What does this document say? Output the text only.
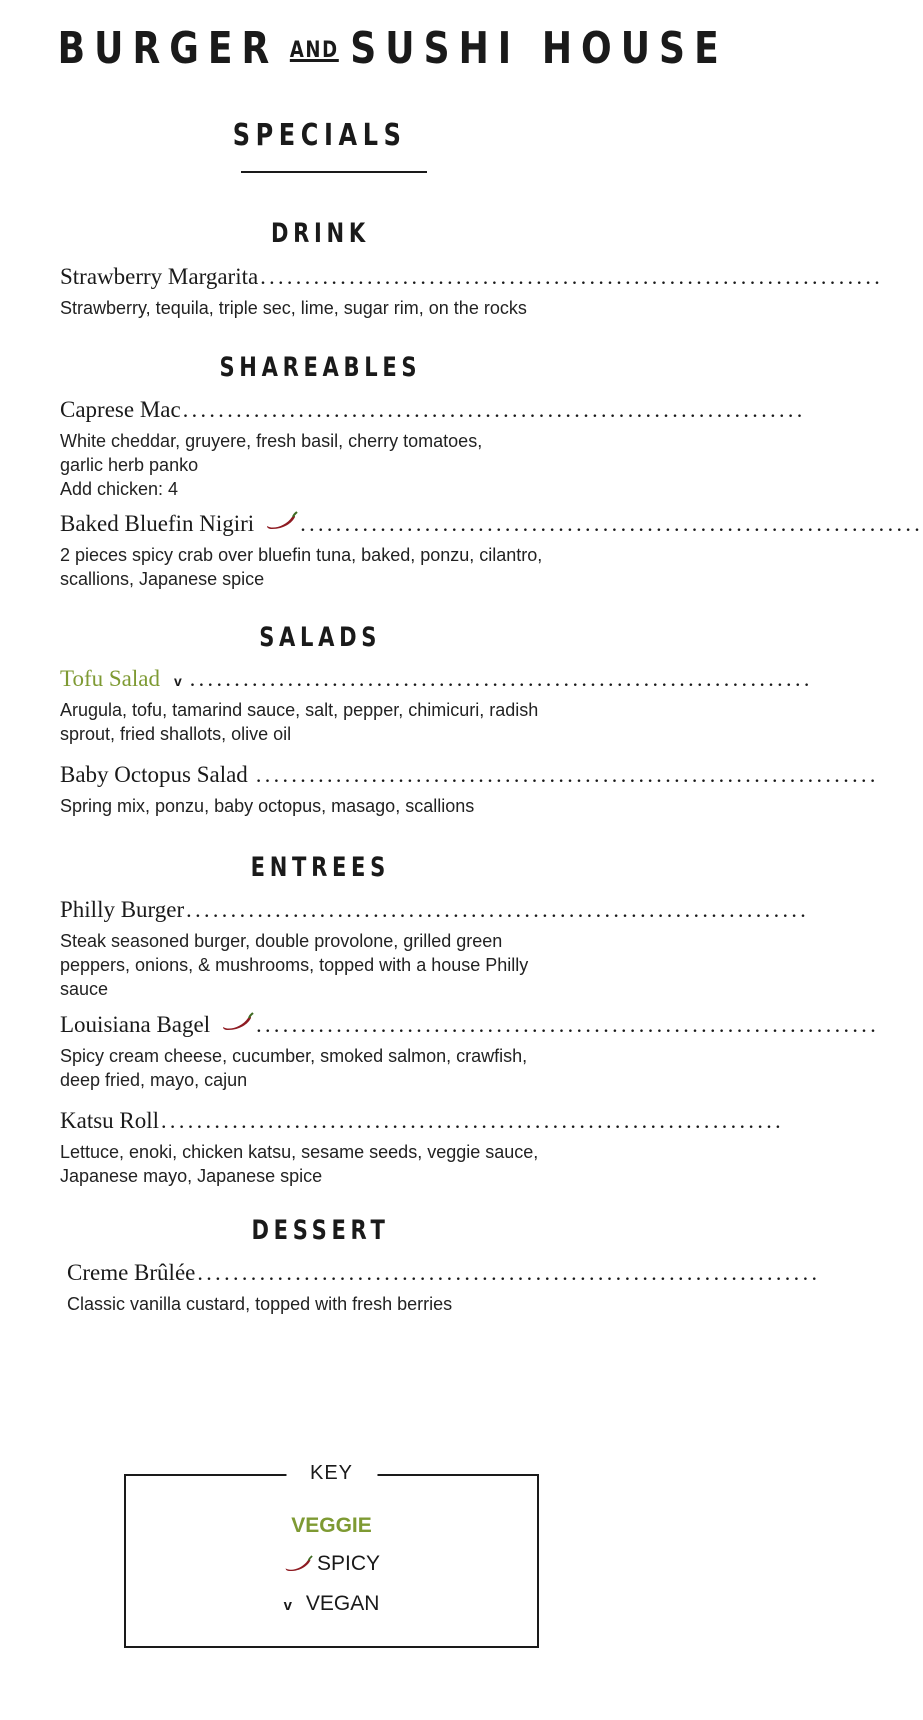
BURGER AND SUSHI HOUSE
SPECIALS
DRINK
Strawberry Margarita ......................................................................
Strawberry, tequila, triple sec, lime, sugar rim, on the rocks
SHAREABLES
Caprese Mac ......................................................................
White cheddar, gruyere, fresh basil, cherry tomatoes,
garlic herb panko
Add chicken: 4
Baked Bluefin Nigiri ......................................................................
2 pieces spicy crab over bluefin tuna, baked, ponzu, cilantro,
scallions, Japanese spice
SALADS
Tofu Salad v ......................................................................
Arugula, tofu, tamarind sauce, salt, pepper, chimicuri, radish
sprout, fried shallots, olive oil
Baby Octopus Salad ......................................................................
Spring mix, ponzu, baby octopus, masago, scallions
ENTREES
Philly Burger ......................................................................
Steak seasoned burger, double provolone, grilled green
peppers, onions, & mushrooms, topped with a house Philly
sauce
Louisiana Bagel ......................................................................
Spicy cream cheese, cucumber, smoked salmon, crawfish,
deep fried, mayo, cajun
Katsu Roll ......................................................................
Lettuce, enoki, chicken katsu, sesame seeds, veggie sauce,
Japanese mayo, Japanese spice
DESSERT
Creme Brûlée ......................................................................
Classic vanilla custard, topped with fresh berries
KEY
VEGGIE
SPICY
v VEGAN
